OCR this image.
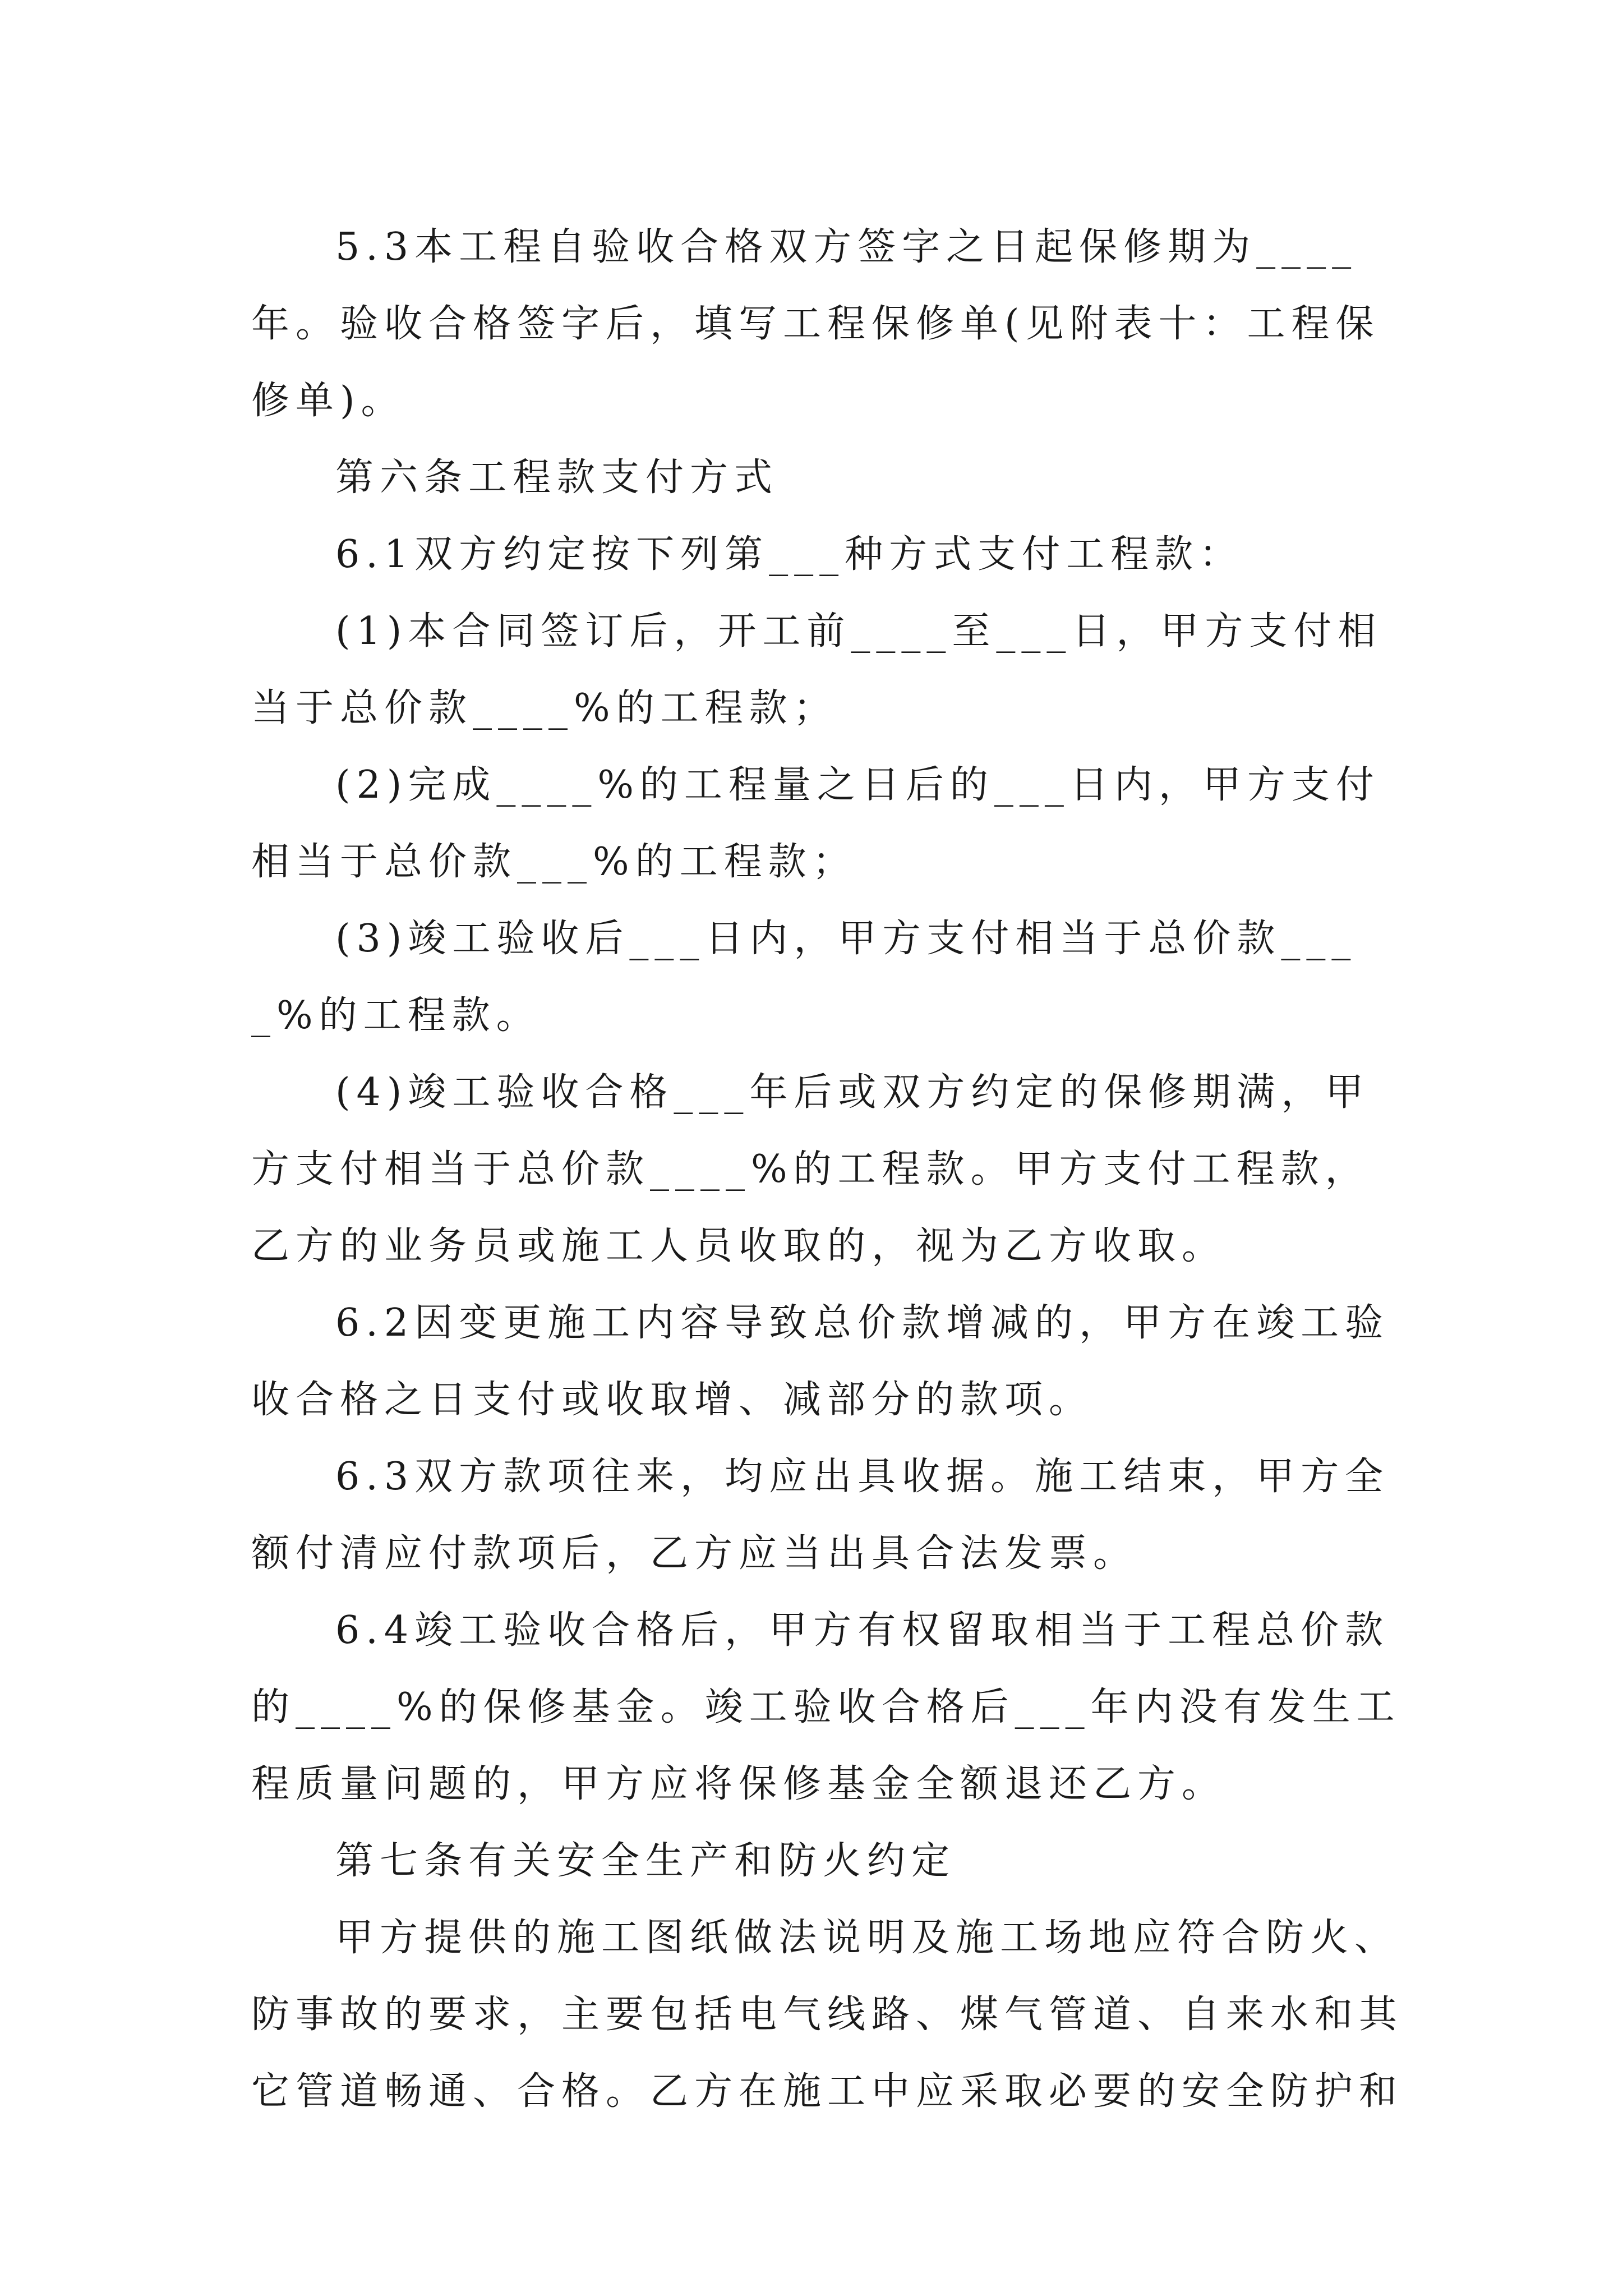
5.3本工程自验收合格双方签字之日起保修期为____年。验收合格签字后，填写工程保修单(见附表十：工程保修单)。

第六条工程款支付方式

6.1双方约定按下列第___种方式支付工程款：

(1)本合同签订后，开工前____至___日，甲方支付相当于总价款____%的工程款；

(2)完成____%的工程量之日后的___日内，甲方支付相当于总价款___%的工程款；

(3)竣工验收后___日内，甲方支付相当于总价款____%的工程款。

(4)竣工验收合格___年后或双方约定的保修期满，甲方支付相当于总价款____%的工程款。甲方支付工程款，乙方的业务员或施工人员收取的，视为乙方收取。

6.2因变更施工内容导致总价款增减的，甲方在竣工验收合格之日支付或收取增、减部分的款项。

6.3双方款项往来，均应出具收据。施工结束，甲方全额付清应付款项后，乙方应当出具合法发票。

6.4竣工验收合格后，甲方有权留取相当于工程总价款的____%的保修基金。竣工验收合格后___年内没有发生工程质量问题的，甲方应将保修基金全额退还乙方。

第七条有关安全生产和防火约定

甲方提供的施工图纸做法说明及施工场地应符合防火、防事故的要求，主要包括电气线路、煤气管道、自来水和其它管道畅通、合格。乙方在施工中应采取必要的安全防护和
